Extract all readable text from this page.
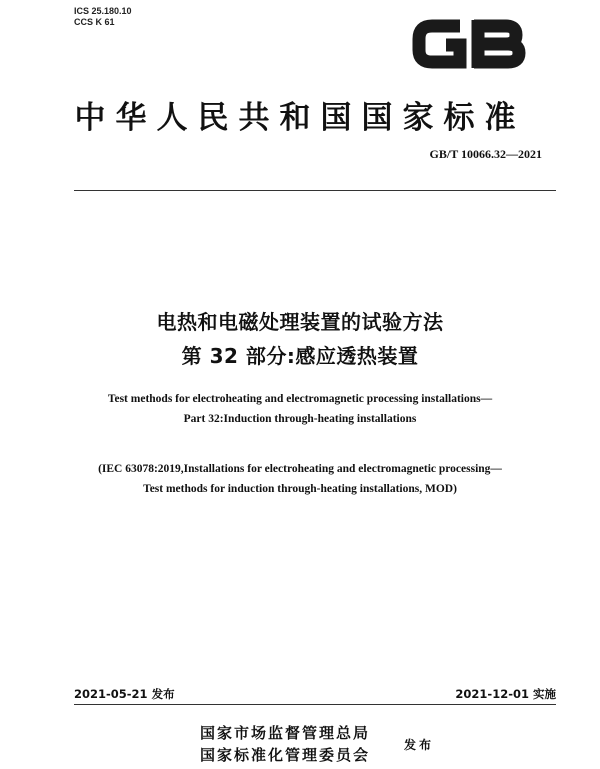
ICS 25.180.10
CCS K 61
GB
中华人民共和国国家标准
GB/T 10066.32—2021
电热和电磁处理装置的试验方法
第 32 部分:感应透热装置
Test methods for electroheating and electromagnetic processing installations—
Part 32:Induction through-heating installations
(IEC 63078:2019,Installations for electroheating and electromagnetic processing—
Test methods for induction through-heating installations, MOD)
2021-05-21 发布	2021-12-01 实施
国家市场监督管理总局
国家标准化管理委员会
发布
